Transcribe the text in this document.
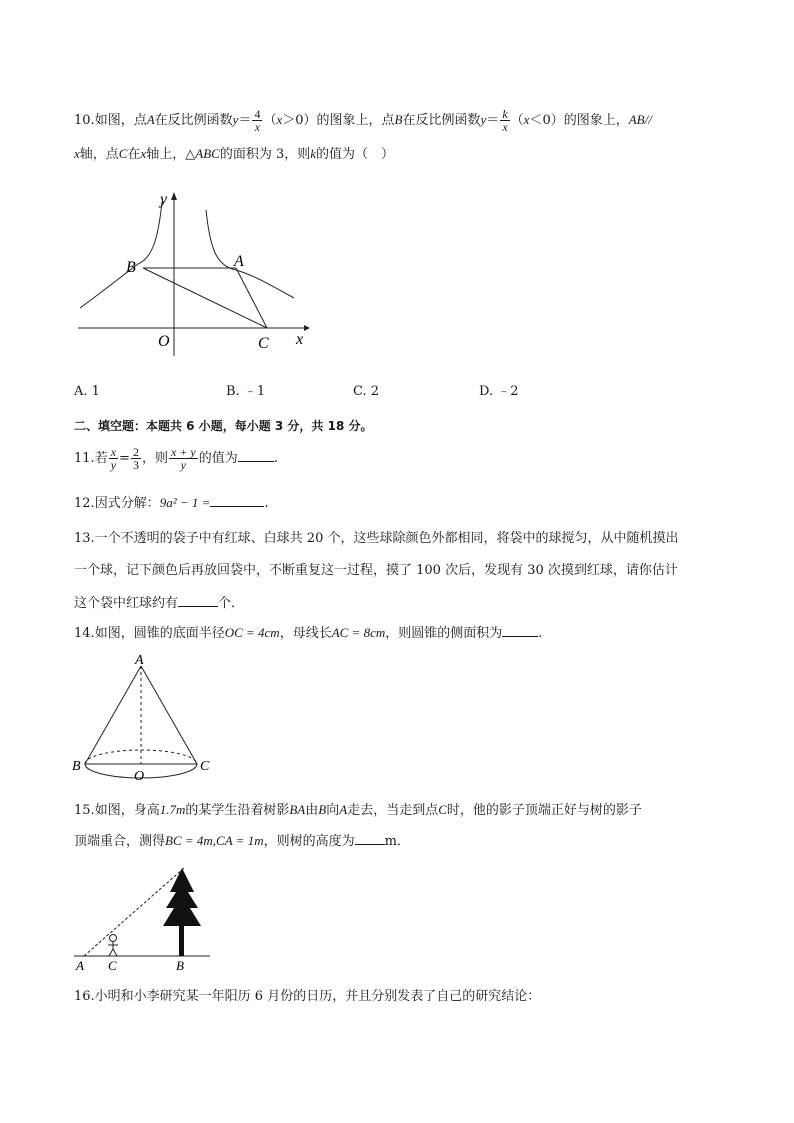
10.如图，点A在反比例函数$y= \frac{4}{x} (x>0)$的图象上，点B在反比例函数$y= \frac{k}{x} (x<0)$的图象上，AB//
x轴，点C在x轴上，△ABC的面积为 3，则k的值为（　）
y
B	A
O	C x
A. 1	B. ﹣1	C. 2	D. ﹣2
二、填空题：本题共 6 小题，每小题 3 分，共 18 分。
11.若 $\frac{x}{y} = \frac{2}{3}$ ，则 $\frac{x + y}{y}$ 的值为	.
12.因式分解：9a² − 1 =	.
13.一个不透明的袋子中有红球、白球共 20 个，这些球除颜色外都相同，将袋中的球搅匀，从中随机摸出
一个球，记下颜色后再放回袋中，不断重复这一过程，摸了 100 次后，发现有 30 次摸到红球，请你估计
这个袋中红球约有	个．
14.如图，圆锥的底面半径OC = 4cm，母线长AC = 8cm，则圆锥的侧面积为	.
A
B
O
C
15.如图，身高1.7m的某学生沿着树影BA由B向A走去，当走到点C时，他的影子顶端正好与树的影子
顶端重合，测得BC = 4m,CA = 1m，则树的高度为 m．
A C	B
16.小明和小李研究某一年阳历 6 月份的日历，并且分别发表了自己的研究结论：
